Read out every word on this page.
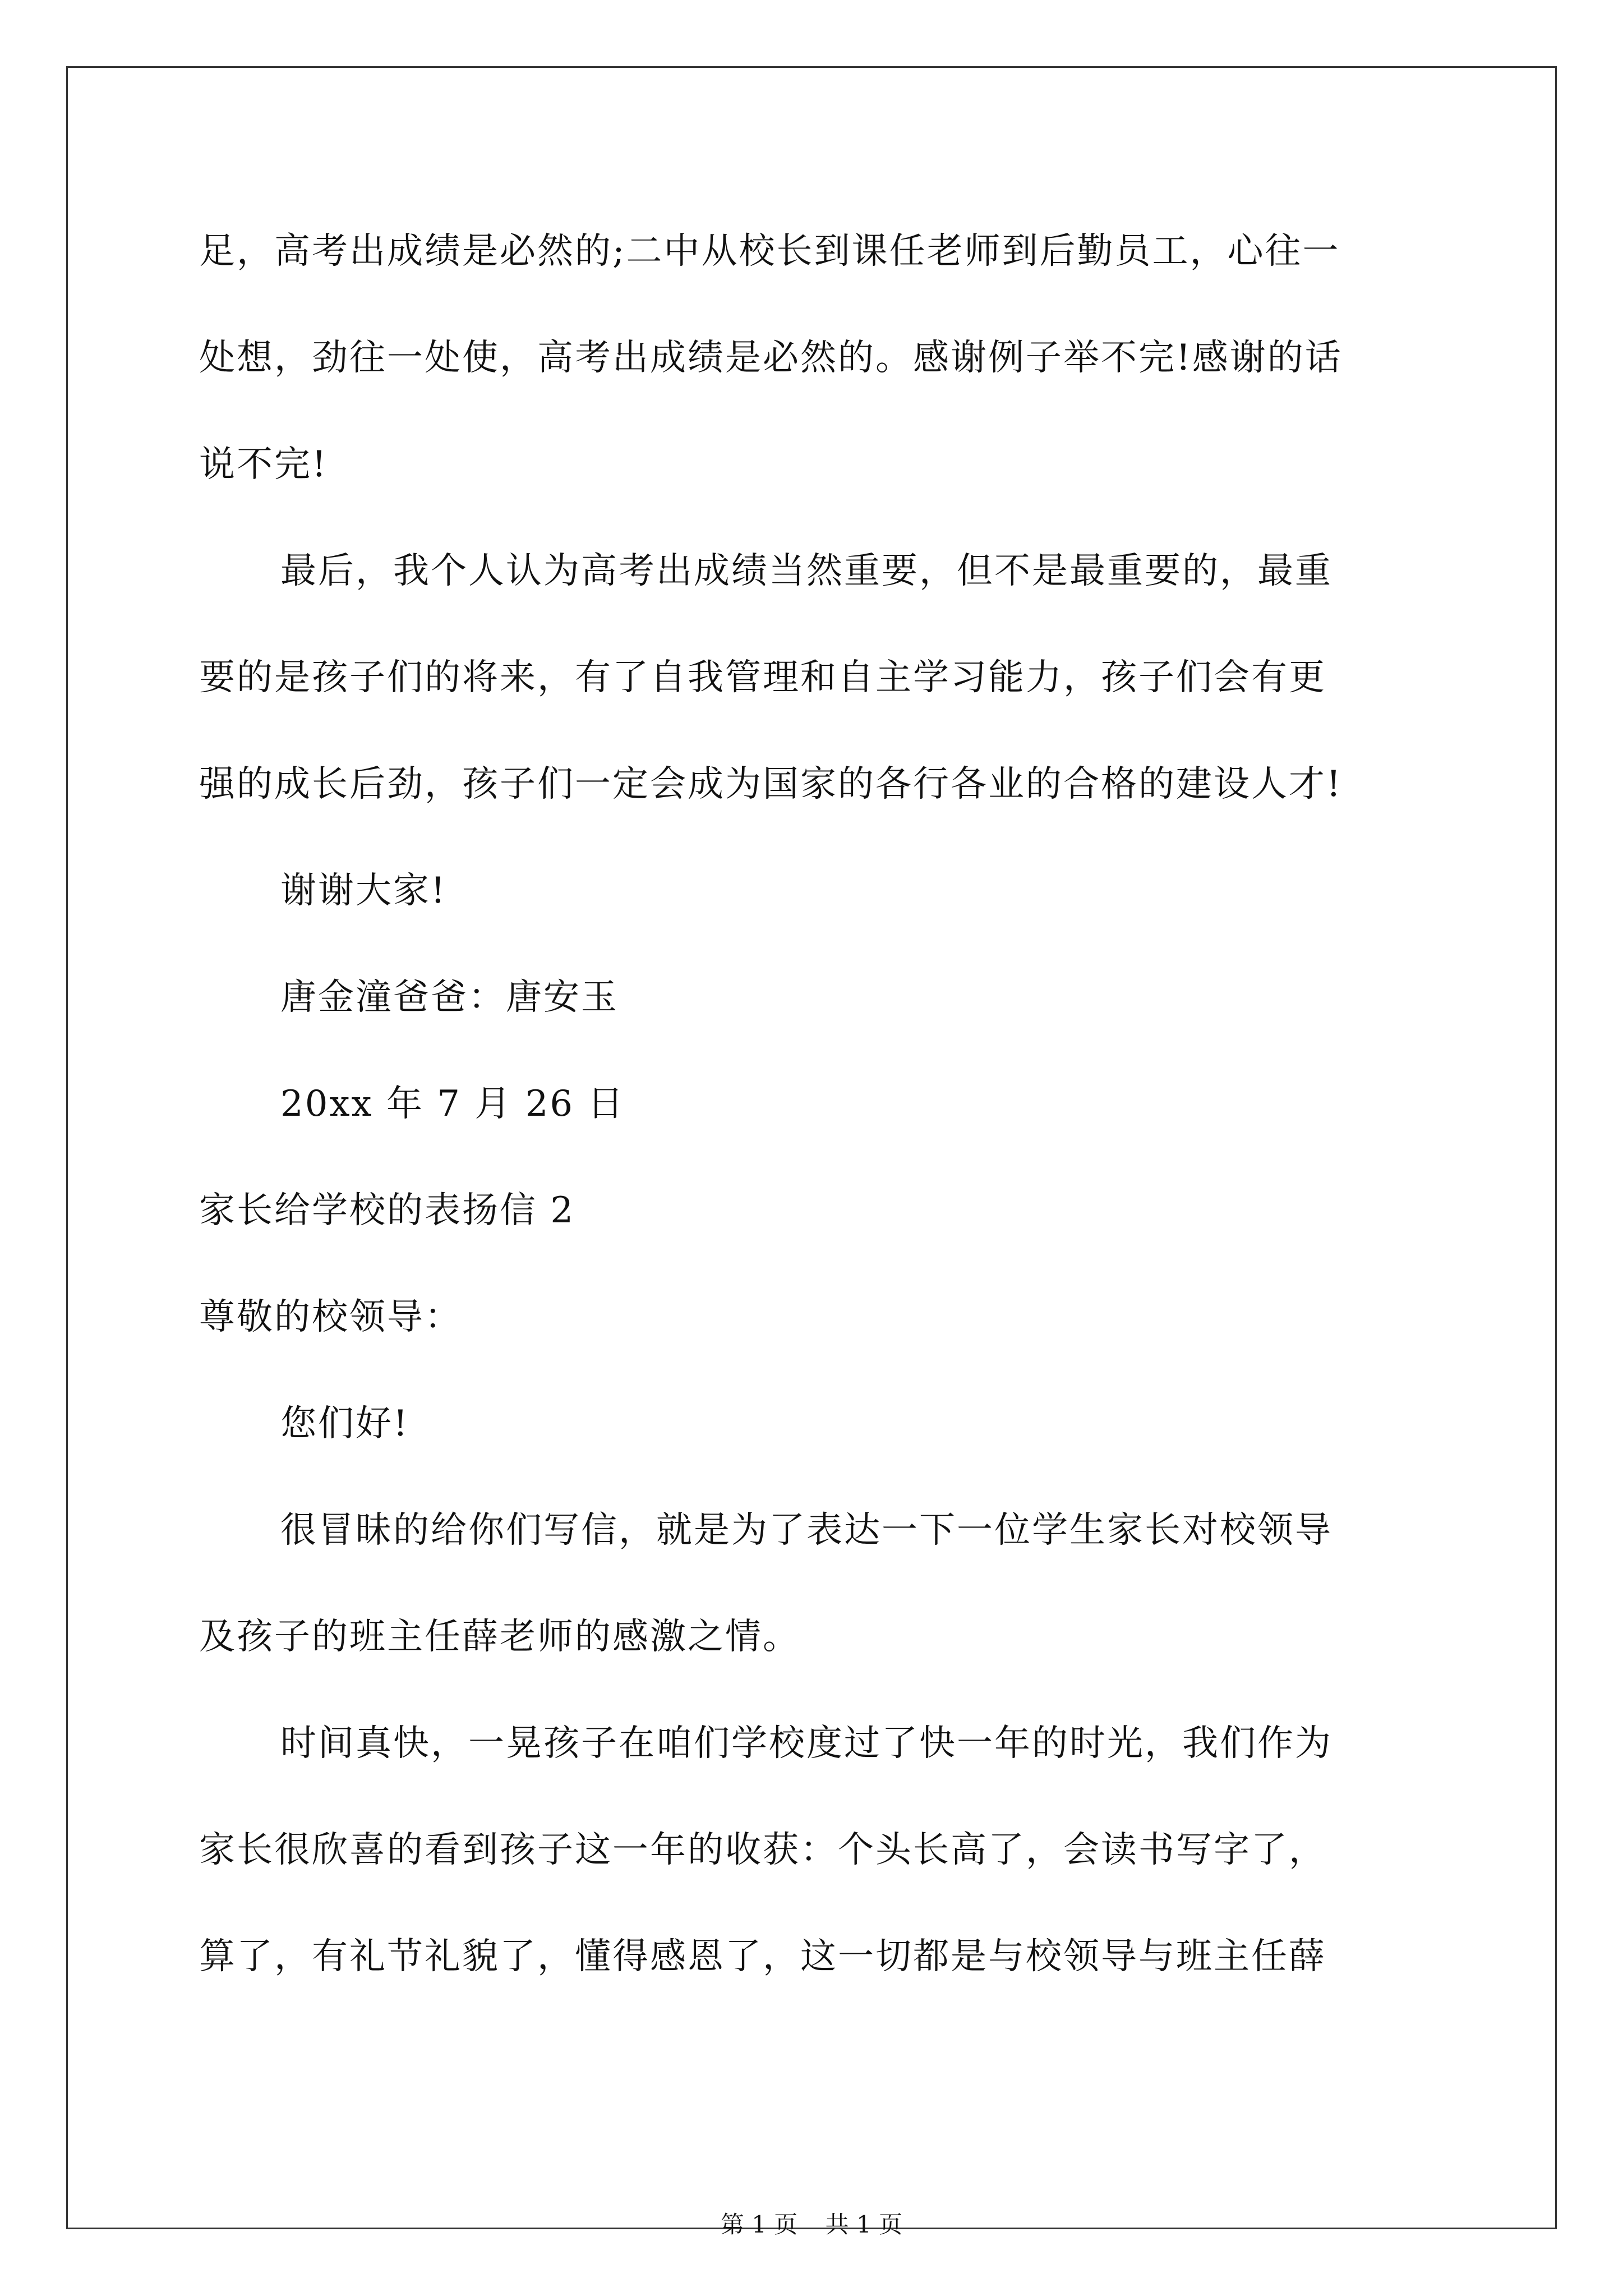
足，高考出成绩是必然的;二中从校长到课任老师到后勤员工，心往一
处想，劲往一处使，高考出成绩是必然的。感谢例子举不完!感谢的话
说不完!
最后，我个人认为高考出成绩当然重要，但不是最重要的，最重
要的是孩子们的将来，有了自我管理和自主学习能力，孩子们会有更
强的成长后劲，孩子们一定会成为国家的各行各业的合格的建设人才!
谢谢大家!
唐金潼爸爸：唐安玉
20xx 年 7 月 26 日
家长给学校的表扬信 2
尊敬的校领导：
您们好!
很冒昧的给你们写信，就是为了表达一下一位学生家长对校领导
及孩子的班主任薛老师的感激之情。
时间真快，一晃孩子在咱们学校度过了快一年的时光，我们作为
家长很欣喜的看到孩子这一年的收获：个头长高了，会读书写字了，
算了，有礼节礼貌了，懂得感恩了，这一切都是与校领导与班主任薛
第 1 页 共 1 页
